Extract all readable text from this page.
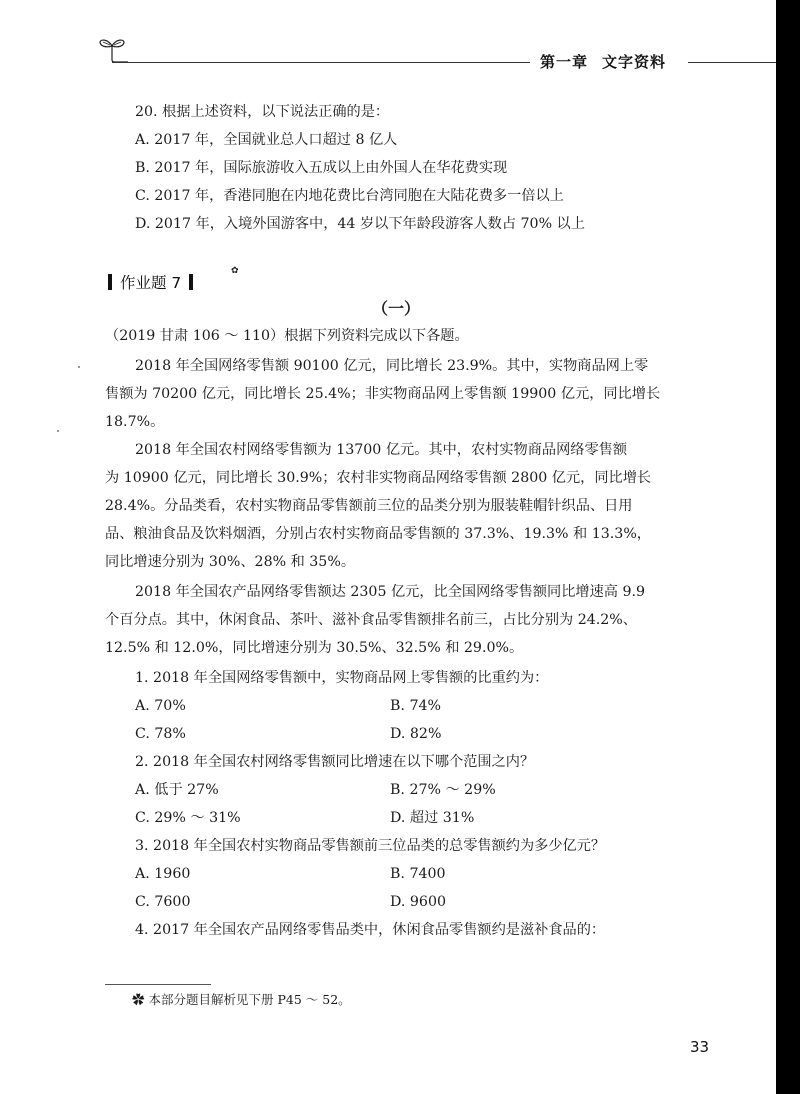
第一章 文字资料
20. 根据上述资料，以下说法正确的是：
A. 2017 年，全国就业总人口超过 8 亿人
B. 2017 年，国际旅游收入五成以上由外国人在华花费实现
C. 2017 年，香港同胞在内地花费比台湾同胞在大陆花费多一倍以上
D. 2017 年，入境外国游客中，44 岁以下年龄段游客人数占 70% 以上
作业题 7
✿
（一）
（2019 甘肃 106 ～ 110）根据下列资料完成以下各题。
2018 年全国网络零售额 90100 亿元，同比增长 23.9%。其中，实物商品网上零
售额为 70200 亿元，同比增长 25.4%；非实物商品网上零售额 19900 亿元，同比增长
18.7%。
2018 年全国农村网络零售额为 13700 亿元。其中，农村实物商品网络零售额
为 10900 亿元，同比增长 30.9%；农村非实物商品网络零售额 2800 亿元，同比增长
28.4%。分品类看，农村实物商品零售额前三位的品类分别为服装鞋帽针织品、日用
品、粮油食品及饮料烟酒，分别占农村实物商品零售额的 37.3%、19.3% 和 13.3%，
同比增速分别为 30%、28% 和 35%。
2018 年全国农产品网络零售额达 2305 亿元，比全国网络零售额同比增速高 9.9
个百分点。其中，休闲食品、茶叶、滋补食品零售额排名前三，占比分别为 24.2%、
12.5% 和 12.0%，同比增速分别为 30.5%、32.5% 和 29.0%。
1. 2018 年全国网络零售额中，实物商品网上零售额的比重约为：
A. 70%	B. 74%
C. 78%	D. 82%
2. 2018 年全国农村网络零售额同比增速在以下哪个范围之内？
A. 低于 27%	B. 27% ～ 29%
C. 29% ～ 31%	D. 超过 31%
3. 2018 年全国农村实物商品零售额前三位品类的总零售额约为多少亿元？
A. 1960	B. 7400
C. 7600	D. 9600
4. 2017 年全国农产品网络零售品类中，休闲食品零售额约是滋补食品的：
✿ 本部分题目解析见下册 P45 ～ 52。
33
